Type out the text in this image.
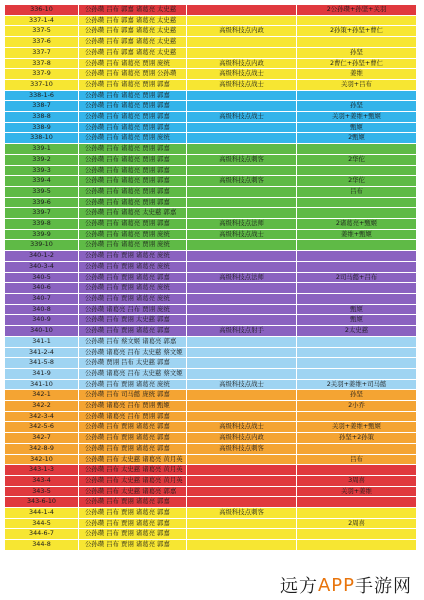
336-10	公孙瓒 吕布 郭嘉 诸葛亮 太史慈		2公孙瓒+孙坚+关羽
337-1-4	公孙瓒 吕布 郭嘉 诸葛亮 太史慈		
337-5	公孙瓒 吕布 郭嘉 诸葛亮 太史慈	高级科技点内政	2孙策+孙坚+曹仁
337-6	公孙瓒 吕布 郭嘉 诸葛亮 太史慈		
337-7	公孙瓒 吕布 郭嘉 诸葛亮 太史慈		孙坚
337-8	公孙瓒 吕布 诸葛亮 贾诩 庞统	高级科技点内政	2曹仁+孙坚+曹仁
337-9	公孙瓒 吕布 诸葛亮 贾诩 公孙瓒	高级科技点战士	姜维
337-10	公孙瓒 吕布 诸葛亮 贾诩 郭嘉	高级科技点战士	关羽+吕布
338-1-6	公孙瓒 吕布 诸葛亮 贾诩 郭嘉		
338-7	公孙瓒 吕布 诸葛亮 贾诩 郭嘉		孙坚
338-8	公孙瓒 吕布 诸葛亮 贾诩 郭嘉	高级科技点战士	关羽+姜维+甄姬
338-9	公孙瓒 吕布 诸葛亮 贾诩 郭嘉		甄姬
338-10	公孙瓒 吕布 诸葛亮 贾诩 庞统		2甄姬
339-1	公孙瓒 吕布 诸葛亮 贾诩 郭嘉		
339-2	公孙瓒 吕布 诸葛亮 贾诩 郭嘉	高级科技点刺客	2华佗
339-3	公孙瓒 吕布 诸葛亮 贾诩 郭嘉		
339-4	公孙瓒 吕布 诸葛亮 贾诩 郭嘉	高级科技点刺客	2华佗
339-5	公孙瓒 吕布 诸葛亮 贾诩 郭嘉		吕布
339-6	公孙瓒 吕布 诸葛亮 贾诩 郭嘉		
339-7	公孙瓒 吕布 诸葛亮 太史慈 郭嘉		
339-8	公孙瓒 吕布 诸葛亮 贾诩 郭嘉	高级科技点法师	2诸葛亮+甄姬
339-9	公孙瓒 吕布 诸葛亮 贾诩 庞统	高级科技点战士	姜维+甄姬
339-10	公孙瓒 吕布 诸葛亮 贾诩 庞统		
340-1-2	公孙瓒 吕布 贾诩 诸葛亮 庞统		
340-3-4	公孙瓒 吕布 贾诩 诸葛亮 庞统		
340-5	公孙瓒 吕布 贾诩 诸葛亮 郭嘉	高级科技点法师	2司马懿+吕布
340-6	公孙瓒 吕布 贾诩 诸葛亮 庞统		
340-7	公孙瓒 吕布 贾诩 诸葛亮 庞统		
340-8	公孙瓒 诸葛亮 吕布 贾诩 庞统		甄姬
340-9	公孙瓒 吕布 贾诩 太史慈 郭嘉		甄姬
340-10	公孙瓒 吕布 贾诩 诸葛亮 郭嘉	高级科技点射手	2太史慈
341-1	公孙瓒 吕布 蔡文姬 诸葛亮 郭嘉		
341-2-4	公孙瓒 诸葛亮 吕布 太史慈 蔡文姬		
341-5-8	公孙瓒 贾诩 吕布 太史慈 郭嘉		
341-9	公孙瓒 诸葛亮 吕布 太史慈 蔡文姬		
341-10	公孙瓒 吕布 贾诩 诸葛亮 庞统	高级科技点战士	2关羽+姜维+司马懿
342-1	公孙瓒 吕布 司马懿 庞统 郭嘉		孙坚
342-2	公孙瓒 诸葛亮 吕布 贾诩 甄姬		2小乔
342-3-4	公孙瓒 诸葛亮 吕布 贾诩 郭嘉		
342-5-6	公孙瓒 吕布 贾诩 诸葛亮 郭嘉	高级科技点战士	关羽+姜维+甄姬
342-7	公孙瓒 吕布 贾诩 诸葛亮 郭嘉	高级科技点内政	孙坚+2孙策
342-8-9	公孙瓒 吕布 贾诩 诸葛亮 郭嘉	高级科技点刺客	
342-10	公孙瓒 吕布 太史慈 诸葛亮 黄月英		吕布
343-1-3	公孙瓒 吕布 太史慈 诸葛亮 黄月英		
343-4	公孙瓒 吕布 太史慈 诸葛亮 黄月英		3周喜
343-5	公孙瓒 吕布 太史慈 诸葛亮 郭嘉		关羽+姜维
343-6-10	公孙瓒 吕布 贾诩 诸葛亮 郭嘉		
344-1-4	公孙瓒 吕布 贾诩 诸葛亮 郭嘉	高级科技点刺客	
344-5	公孙瓒 吕布 贾诩 诸葛亮 郭嘉		2周喜
344-6-7	公孙瓒 吕布 贾诩 诸葛亮 郭嘉		
344-8	公孙瓒 吕布 贾诩 诸葛亮 郭嘉		

远方 APP 手游网
